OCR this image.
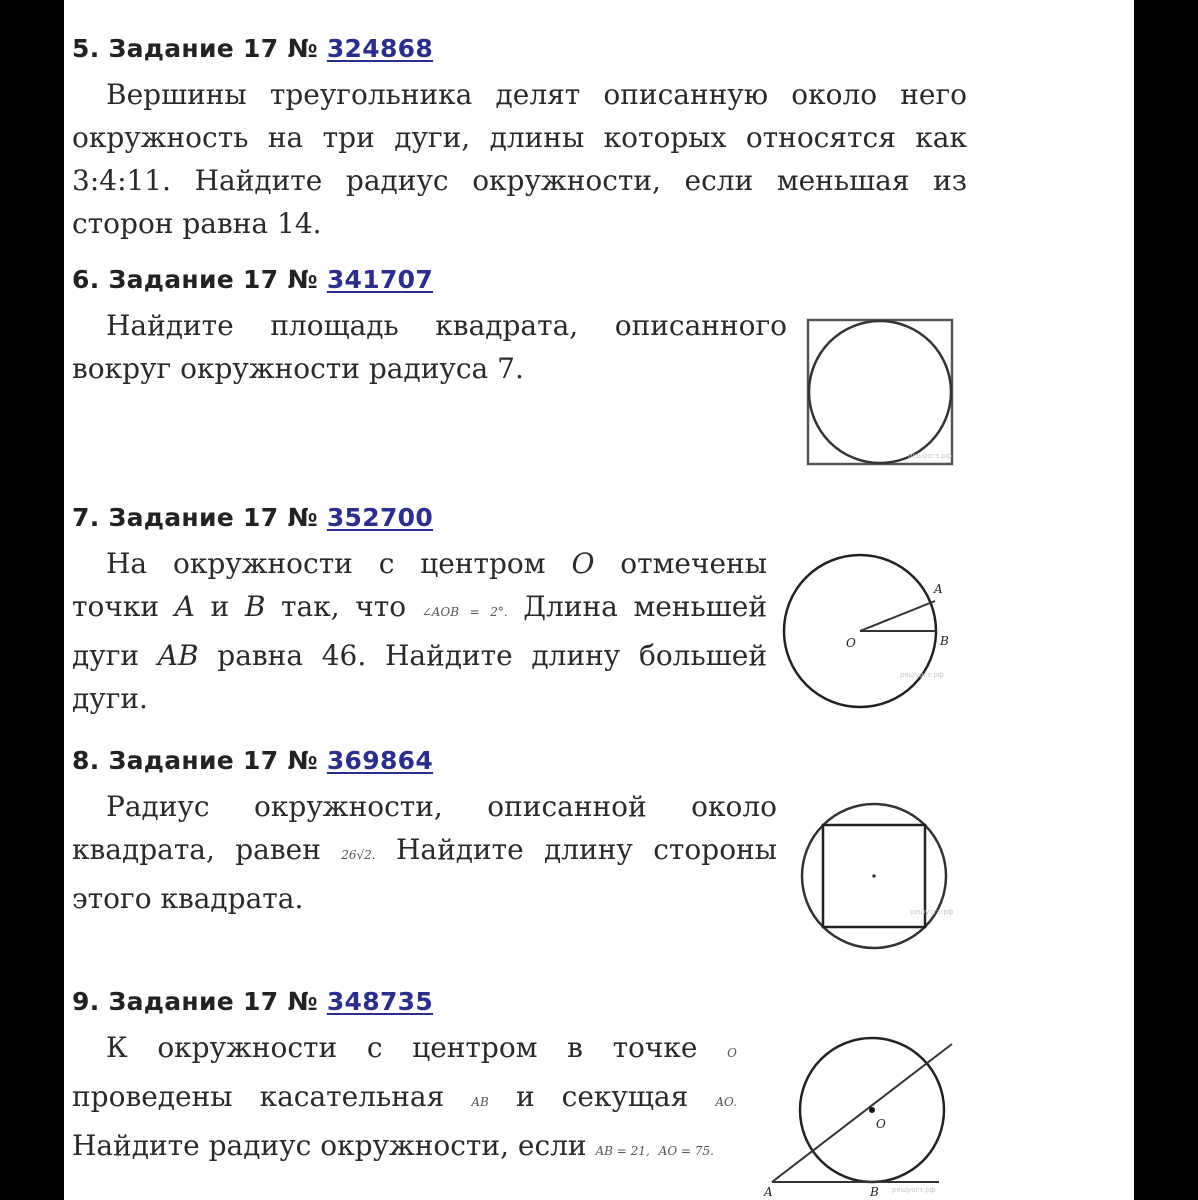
5. Задание 17 № 324868
Вершины треугольника делят описанную около него окружность на три дуги, длины которых относятся как 3:4:11. Найдите радиус окружности, если меньшая из сторон равна 14.
6. Задание 17 № 341707
Найдите площадь квадрата, описанного вокруг окружности радиуса 7.
решуогэ.рф
7. Задание 17 № 352700
На окружности с центром O отмечены точки A и B так, что ∠AOB = 2°. Длина меньшей дуги AB равна 46. Найдите длину большей дуги.
A
B
O
решуогэ.рф
8. Задание 17 № 369864
Радиус окружности, описанной около квадрата, равен 26√2. Найдите длину стороны этого квадрата.	решуогэ.рф
9. Задание 17 № 348735
К окружности с центром в точке O проведены касательная AB и секущая AO. Найдите радиус окружности, если AB = 21, AO = 75.
O
A	B решуогэ.рф
